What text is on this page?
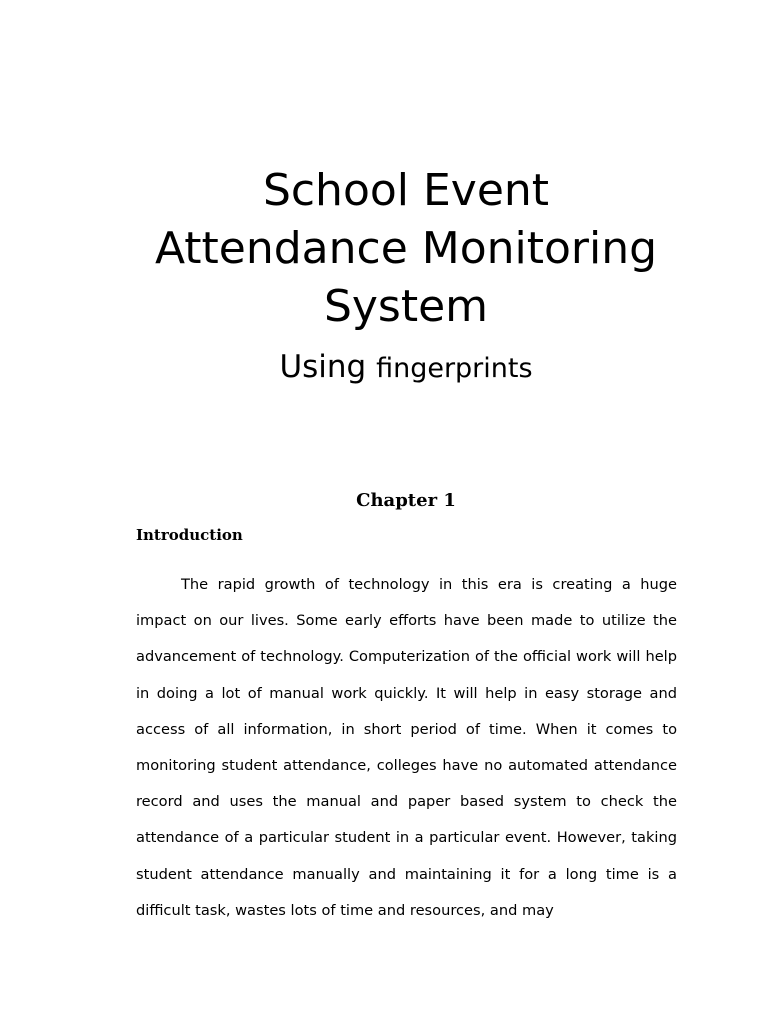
School Event
Attendance Monitoring
System

Using fingerprints

Chapter 1
Introduction

The rapid growth of technology in this era is creating a huge impact on our lives. Some early efforts have been made to utilize the advancement of technology. Computerization of the official work will help in doing a lot of manual work quickly. It will help in easy storage and access of all information, in short period of time. When it comes to monitoring student attendance, colleges have no automated attendance record and uses the manual and paper based system to check the attendance of a particular student in a particular event. However, taking student attendance manually and maintaining it for a long time is a difficult task, wastes lots of time and resources, and may
